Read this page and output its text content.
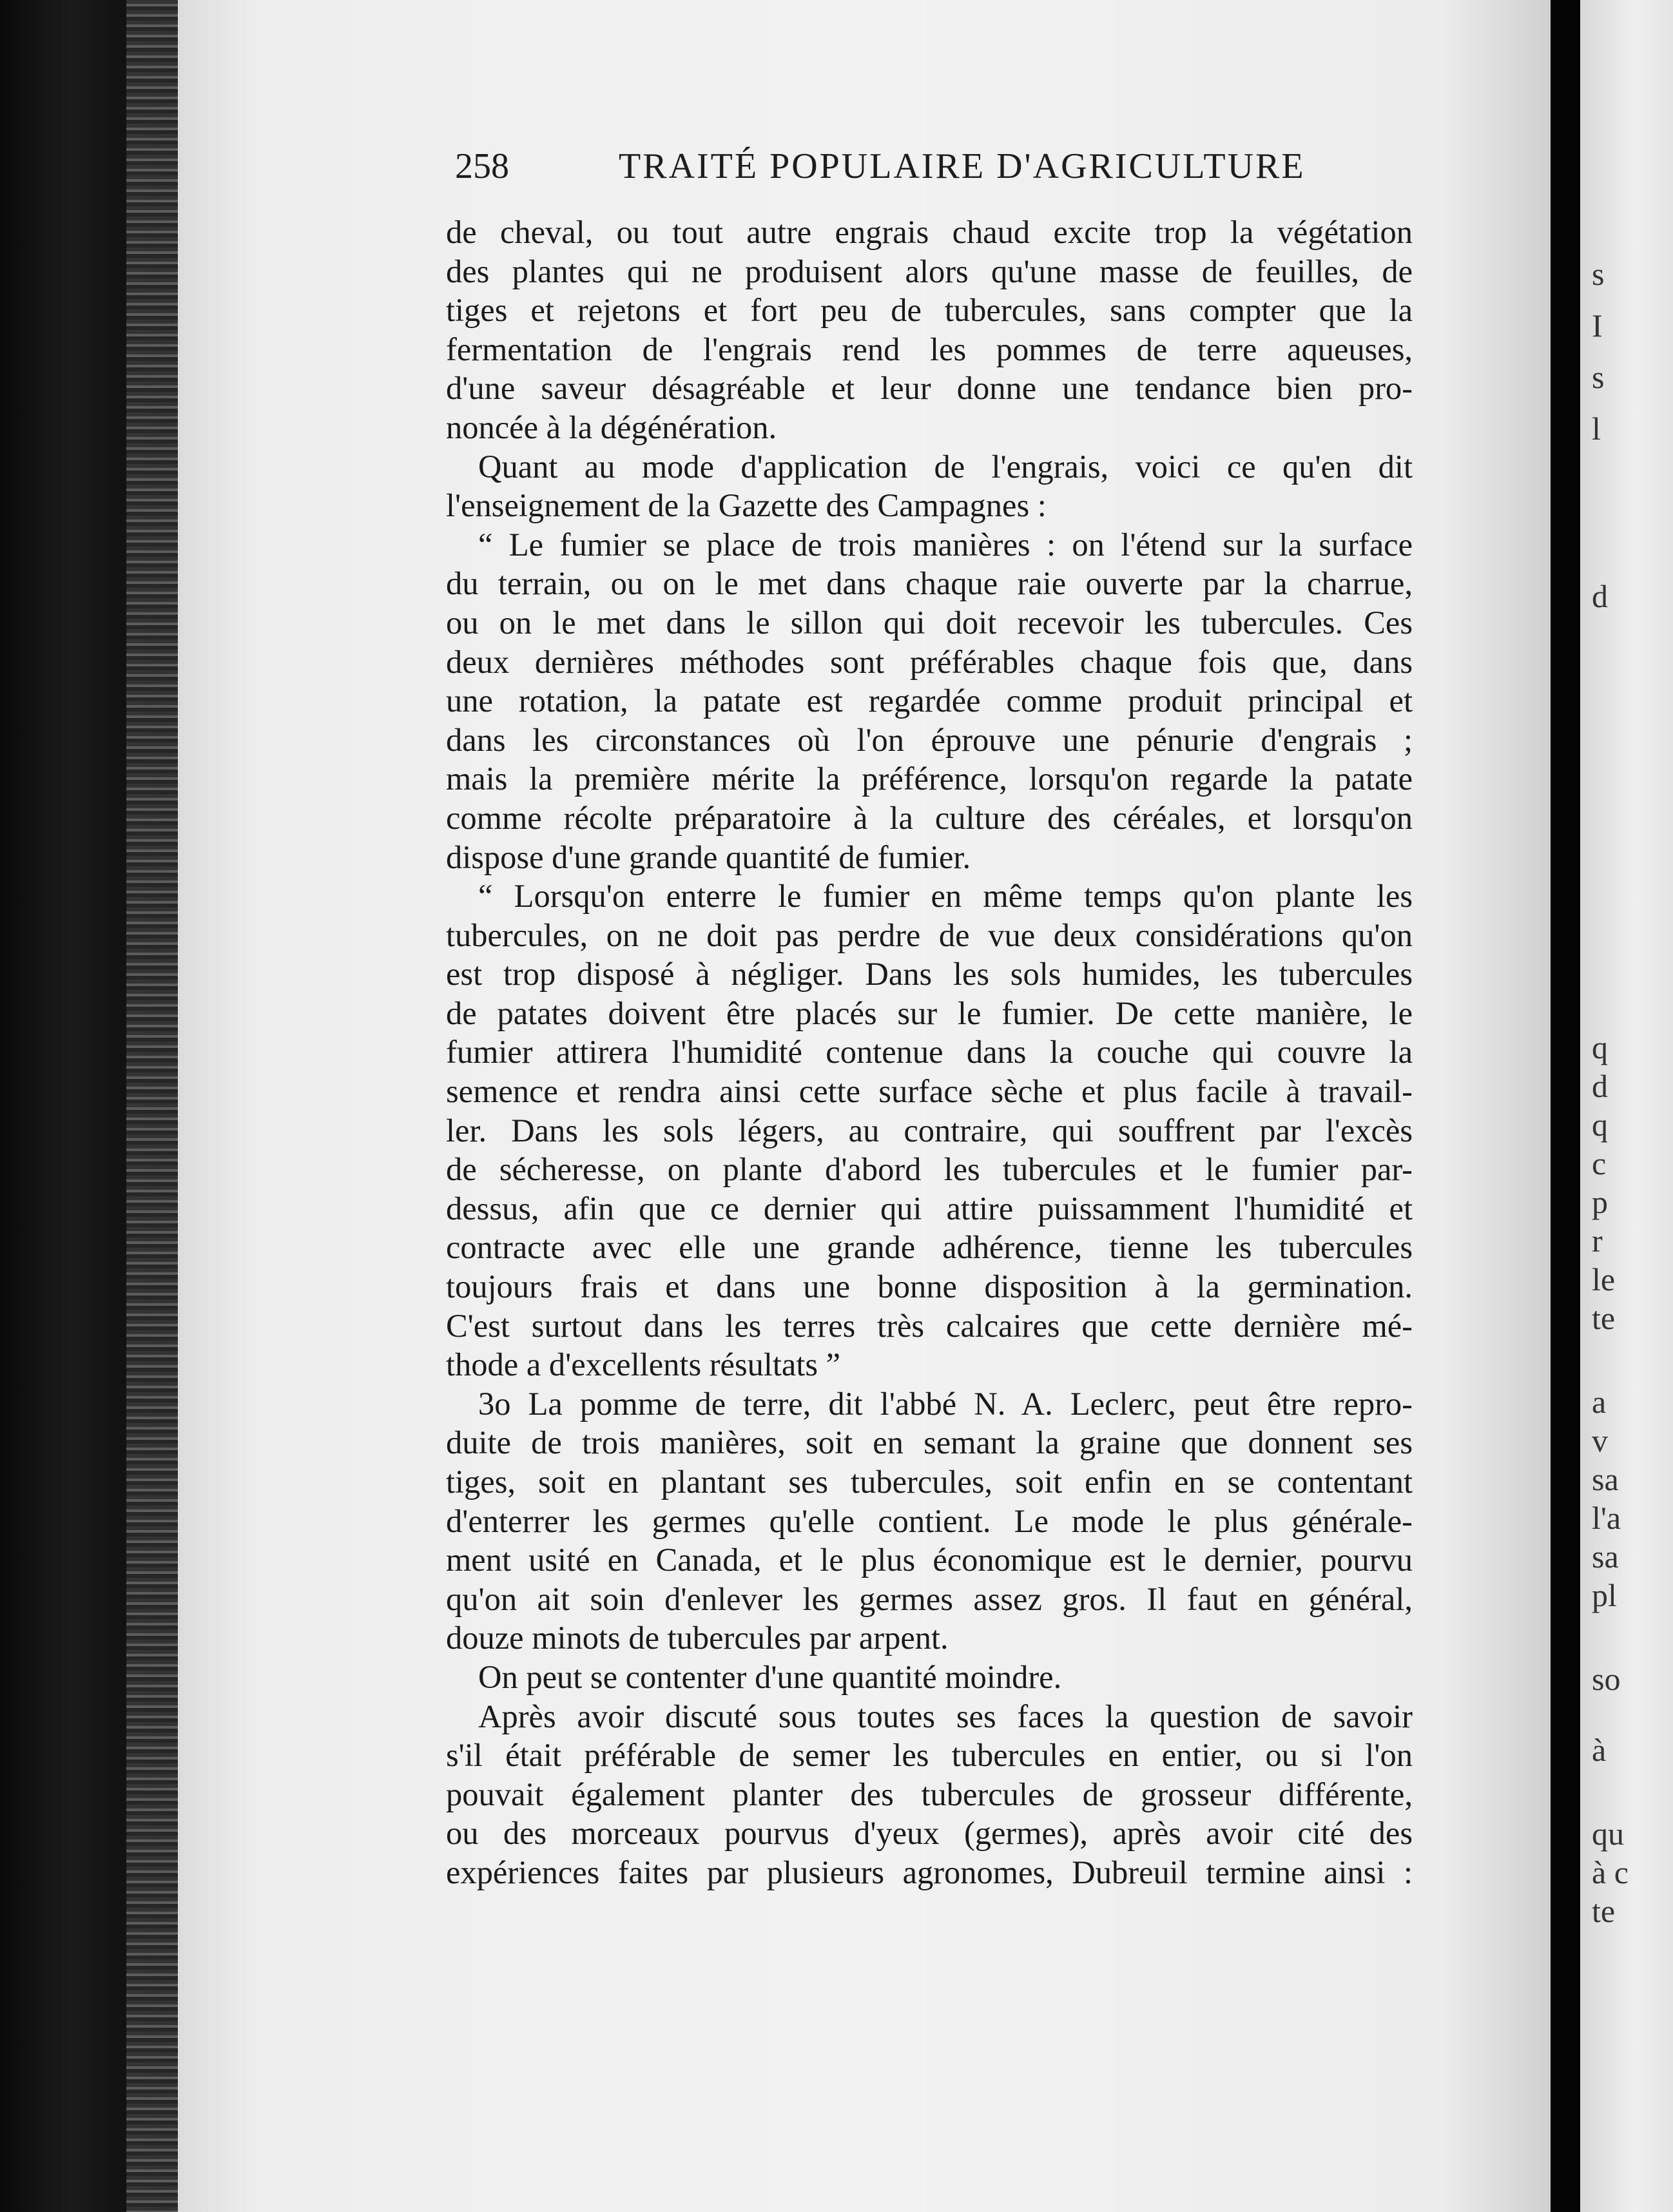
s
I
s
l
d
q
d
q
c
p
r
le
te
a
v
sa
l'a
sa
pl
so
à
qu
à c
te
258	TRAITÉ POPULAIRE D'AGRICULTURE
de cheval, ou tout autre engrais chaud excite trop la végétation
des plantes qui ne produisent alors qu'une masse de feuilles, de
tiges et rejetons et fort peu de tubercules, sans compter que la
fermentation de l'engrais rend les pommes de terre aqueuses,
d'une saveur désagréable et leur donne une tendance bien pro-
noncée à la dégénération.
Quant au mode d'application de l'engrais, voici ce qu'en dit
l'enseignement de la Gazette des Campagnes :
“ Le fumier se place de trois manières : on l'étend sur la surface
du terrain, ou on le met dans chaque raie ouverte par la charrue,
ou on le met dans le sillon qui doit recevoir les tubercules. Ces
deux dernières méthodes sont préférables chaque fois que, dans
une rotation, la patate est regardée comme produit principal et
dans les circonstances où l'on éprouve une pénurie d'engrais ;
mais la première mérite la préférence, lorsqu'on regarde la patate
comme récolte préparatoire à la culture des céréales, et lorsqu'on
dispose d'une grande quantité de fumier.
“ Lorsqu'on enterre le fumier en même temps qu'on plante les
tubercules, on ne doit pas perdre de vue deux considérations qu'on
est trop disposé à négliger. Dans les sols humides, les tubercules
de patates doivent être placés sur le fumier. De cette manière, le
fumier attirera l'humidité contenue dans la couche qui couvre la
semence et rendra ainsi cette surface sèche et plus facile à travail-
ler. Dans les sols légers, au contraire, qui souffrent par l'excès
de sécheresse, on plante d'abord les tubercules et le fumier par-
dessus, afin que ce dernier qui attire puissamment l'humidité et
contracte avec elle une grande adhérence, tienne les tubercules
toujours frais et dans une bonne disposition à la germination.
C'est surtout dans les terres très calcaires que cette dernière mé-
thode a d'excellents résultats ”
3o La pomme de terre, dit l'abbé N. A. Leclerc, peut être repro-
duite de trois manières, soit en semant la graine que donnent ses
tiges, soit en plantant ses tubercules, soit enfin en se contentant
d'enterrer les germes qu'elle contient. Le mode le plus générale-
ment usité en Canada, et le plus économique est le dernier, pourvu
qu'on ait soin d'enlever les germes assez gros. Il faut en général,
douze minots de tubercules par arpent.
On peut se contenter d'une quantité moindre.
Après avoir discuté sous toutes ses faces la question de savoir
s'il était préférable de semer les tubercules en entier, ou si l'on
pouvait également planter des tubercules de grosseur différente,
ou des morceaux pourvus d'yeux (germes), après avoir cité des
expériences faites par plusieurs agronomes, Dubreuil termine ainsi :
